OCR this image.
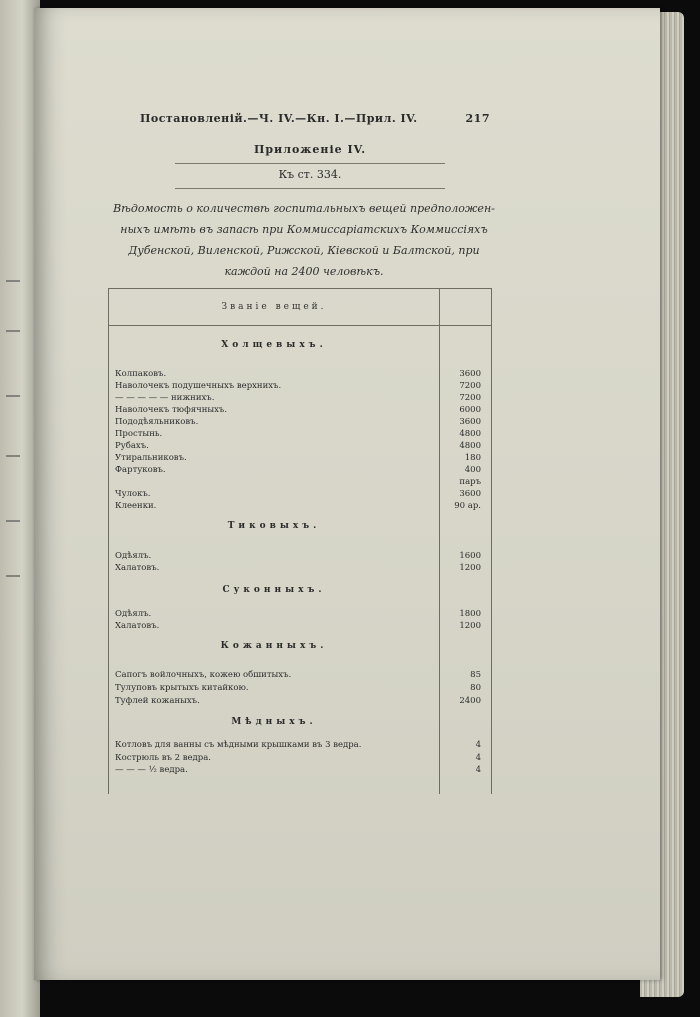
Постановленій.—Ч. IV.—Кн. I.—Прил. IV.	217
Приложеніе IV.
Къ ст. 334.
Вѣдомость о количествѣ госпитальныхъ вещей предположен-
ныхъ имѣть въ запасѣ при Коммиссаріатскихъ Коммиссіяхъ
Дубенской, Виленской, Рижской, Кіевской и Балтской, при
каждой на 2400 человѣкъ.
Званіе вещей.
Холщевыхъ.
Колпаковъ.	3600
Наволочекъ подушечныхъ верхнихъ.	7200
— — — — — нижнихъ.	7200
Наволочекъ тюфячныхъ.	6000
Пододѣяльниковъ.	3600
Простынь.	4800
Рубахъ.	4800
Утиральниковъ.	180
Фартуковъ.	400
паръ
Чулокъ.	3600
Клеенки.	90 ар.
Тиковыхъ.
Одѣялъ.	1600
Халатовъ.	1200
Суконныхъ.
Одѣялъ.	1800
Халатовъ.	1200
Кожанныхъ.
Сапогъ войлочныхъ, кожею обшитыхъ.	85
Тулуповъ крытыхъ китайкою.	80
Туфлей кожаныхъ.	2400
Мѣдныхъ.
Котловъ для ванны съ мѣдными крышками въ 3 ведра.	4
Кострюль въ 2 ведра.	4
— — — ½ ведра.	4
